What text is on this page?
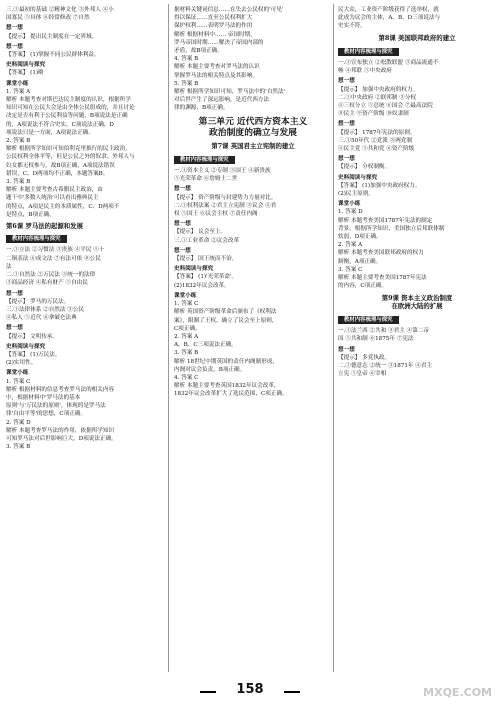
三.①最初的基础 ②精神文化 ③外邦人 ④小
国寡民 ⑤具体 ⑥经常修改 ⑦自然
想一想
【提示】 提出民主制度在一定界域。
想一想
【答案】 (1)掌握不同公民群体利益。
史料阅读与探究
【答案】 (1)略
课堂小练
1. 答案 A
解析 本题考查对斯巴达民主制度的认识，根据所学
知识可知在公民大会是由全体公民组成的，并且讨论
决定是否有利于公民利益等问题，B项说法是正确
的，A项说法不符合史实，C项说法正确，D
项说法只是一方面，A项说法正确。
2. 答案 B
解析 根据所学知识可知伯利克里推行的民主政治,
公民权利全体平等，但是公民之外的奴隶、外邦人与
妇女都无权参与，故B项正确，A项说法错误
错误，C、D两项均不正确，本题答案B。
3. 答案 B
解析 本题主要考查古希腊民主政治，由
题干中'多数人统治'可以看出雅典民主
的特点，A项是民主的本质属性，C、D两项不
是特点，B项正确。
第6课 罗马法的起源和发展
教材内容梳理与探究
一.①立法 ②习惯法 ③贵族 ④平民 ⑤十
二铜表法 ⑥成文法 ⑦有法可依 ⑧公民
法
二.①自然法 ②万民法 ③统一的法律
③商品经济 ④私有财产 ⑤自由民
想一想
【提示】 罗马的万民法。
三.①法律体系 ②自然法 ③公民
④私人 ⑤近代 ⑥拿破仑法典
想一想
【提示】 文明传承。
史料阅读与探究
【答案】 (1)万民法。
(2)实用性。
课堂小练
1. 答案 C
解析 根据材料的信息考查罗马法的相关内容
中，根据材料中'罗马法的基本
原则'与'万民法的原则'，体现的是罗马法
律'自由平等'的思想，C项正确。
2. 答案 D
解析 本题考查罗马法的作用，依据所学知识
可知罗马法对后世影响巨大，D项说法正确。
3. 答案 B
据材料关键词信息……在失去公民权的'可见'
得以保证……直至公民权利扩大
保护权利……表明罗马法的作用
解析 根据材料中…… 帝国时期，
罗马帝国时期……解决了帝国内部的
矛盾，故B项正确。
4. 答案 B
解析 本题主要考查对罗马法的认识
掌握罗马法的相关特点及其影响。
5. 答案 B
解析 根据所学知识可知，罗马法中的'自然法'
对后世产生了深远影响，是近代西方法
律的渊源，B项正确。
第三单元 近代西方资本主义
政治制度的确立与发展
第7课 英国君主立宪制的建立
教材内容梳理与探究
一.①资本主义 ②专制 ③国王 ④新贵族
⑤光荣革命 ⑥詹姆士二世
想一想
【提示】 资产阶级与封建势力力量对比。
二.①权利法案 ②君主立宪制 ③议会 ④君
权 ⑤国王 ⑥议会主权 ⑦责任内阁
想一想
【提示】 议会至上。
三.①工业革命 ②议会改革
想一想
【提示】 国王统而不治。
史料阅读与探究
【答案】 (1)'光荣革命'。
(2)1832年议会改革。
课堂小练
1. 答案 C
解析 英国资产阶级革命后颁布了《权利法
案》，限制了王权，确立了议会至上原则，
C项正确。
2. 答案 A
A、B、C三项说法正确。
3. 答案 B
解析 18世纪中期英国的责任内阁制形成，
内阁对议会负责，B项正确。
4. 答案 C
解析 本题主要考查英国1832年议会改革，
1832年议会改革扩大了选民范围，C项正确。
民大众，工业资产阶级获得了选举权，就
此成为议会的主体，A、B、D三项说法与
史实不符。
第8课 美国联邦政府的建立
教材内容梳理与探究
一.①宣布独立 ②松散联盟 ③商品流通不
畅 ④邦联 ⑤中央政府
想一想
【提示】 加强中央政府的权力。
二.①中央政府 ②联邦制 ③分权
④三权分立 ⑤总统 ⑥国会 ⑦最高法院
⑧民主 ⑨资产阶级 ⑩奴隶制
想一想
【提示】 1787年宪法的原则。
三.①50年代 ②党派 ③两党制
④民主党 ⑤共和党 ⑥资产阶级
想一想
【提示】 分权制衡。
史料阅读与探究
【答案】 (1)加强中央政府权力。
(2)民主原则。
课堂小练
1. 答案 D
解析 本题考查美国1787年宪法的制定
背景，根据所学知识，美国独立后邦联体制
软弱，D项正确。
2. 答案 A
解析 本题考查美国联邦政府的权力
制衡，A项正确。
3. 答案 C
解析 本题主要考查美国1787年宪法
的内容，C项正确。
第9课 资本主义政治制度
在欧洲大陆的扩展
教材内容梳理与探究
一.①法兰西 ②共和 ③君主 ④第二帝
国 ⑤共和制 ⑥1875年 ⑦宪法
想一想
【提示】 多党执政。
二.①德意志 ②统一 ③1871年 ④君主
立宪 ⑤皇帝 ⑥宰相
158	MXQE.COM
